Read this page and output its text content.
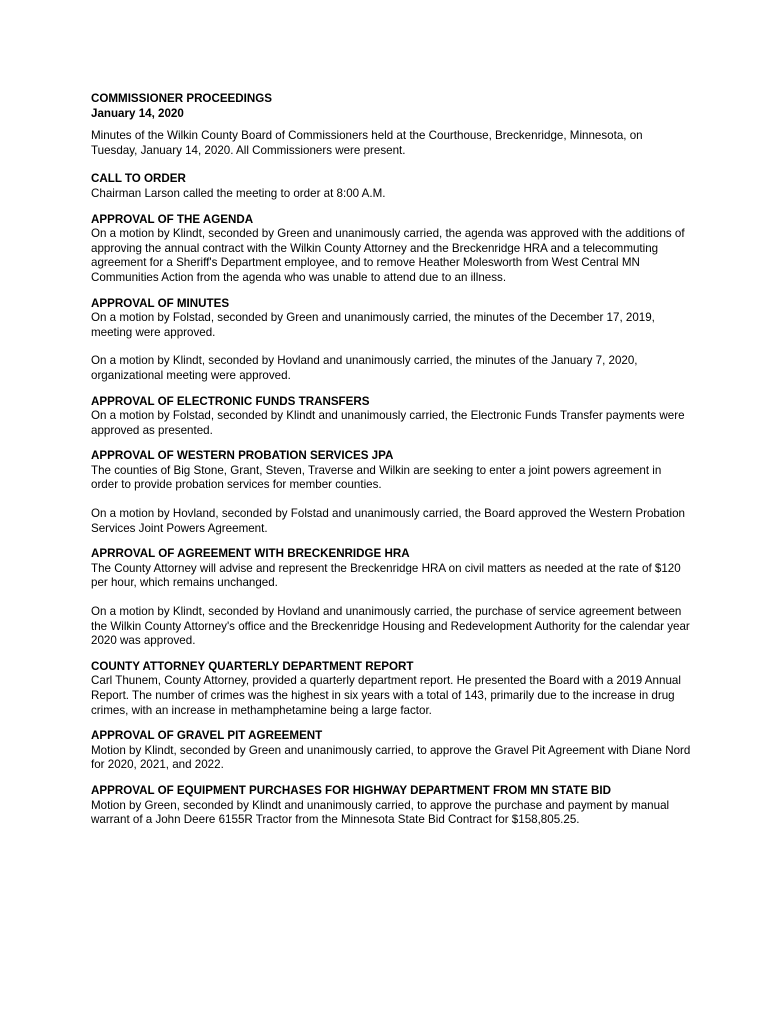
COMMISSIONER PROCEEDINGS
January 14, 2020

Minutes of the Wilkin County Board of Commissioners held at the Courthouse, Breckenridge, Minnesota, on Tuesday, January 14, 2020. All Commissioners were present.

CALL TO ORDER

Chairman Larson called the meeting to order at 8:00 A.M.

APPROVAL OF THE AGENDA

On a motion by Klindt, seconded by Green and unanimously carried, the agenda was approved with the additions of approving the annual contract with the Wilkin County Attorney and the Breckenridge HRA and a telecommuting agreement for a Sheriff's Department employee, and to remove Heather Molesworth from West Central MN Communities Action from the agenda who was unable to attend due to an illness.

APPROVAL OF MINUTES

On a motion by Folstad, seconded by Green and unanimously carried, the minutes of the December 17, 2019, meeting were approved.

On a motion by Klindt, seconded by Hovland and unanimously carried, the minutes of the January 7, 2020, organizational meeting were approved.

APPROVAL OF ELECTRONIC FUNDS TRANSFERS

On a motion by Folstad, seconded by Klindt and unanimously carried, the Electronic Funds Transfer payments were approved as presented.

APPROVAL OF WESTERN PROBATION SERVICES JPA

The counties of Big Stone, Grant, Steven, Traverse and Wilkin are seeking to enter a joint powers agreement in order to provide probation services for member counties.

On a motion by Hovland, seconded by Folstad and unanimously carried, the Board approved the Western Probation Services Joint Powers Agreement.

APRROVAL OF AGREEMENT WITH BRECKENRIDGE HRA

The County Attorney will advise and represent the Breckenridge HRA on civil matters as needed at the rate of $120 per hour, which remains unchanged.

On a motion by Klindt, seconded by Hovland and unanimously carried, the purchase of service agreement between the Wilkin County Attorney's office and the Breckenridge Housing and Redevelopment Authority for the calendar year 2020 was approved.

COUNTY ATTORNEY QUARTERLY DEPARTMENT REPORT

Carl Thunem, County Attorney, provided a quarterly department report. He presented the Board with a 2019 Annual Report. The number of crimes was the highest in six years with a total of 143, primarily due to the increase in drug crimes, with an increase in methamphetamine being a large factor.

APPROVAL OF GRAVEL PIT AGREEMENT

Motion by Klindt, seconded by Green and unanimously carried, to approve the Gravel Pit Agreement with Diane Nord for 2020, 2021, and 2022.

APPROVAL OF EQUIPMENT PURCHASES FOR HIGHWAY DEPARTMENT FROM MN STATE BID

Motion by Green, seconded by Klindt and unanimously carried, to approve the purchase and payment by manual warrant of a John Deere 6155R Tractor from the Minnesota State Bid Contract for $158,805.25.
